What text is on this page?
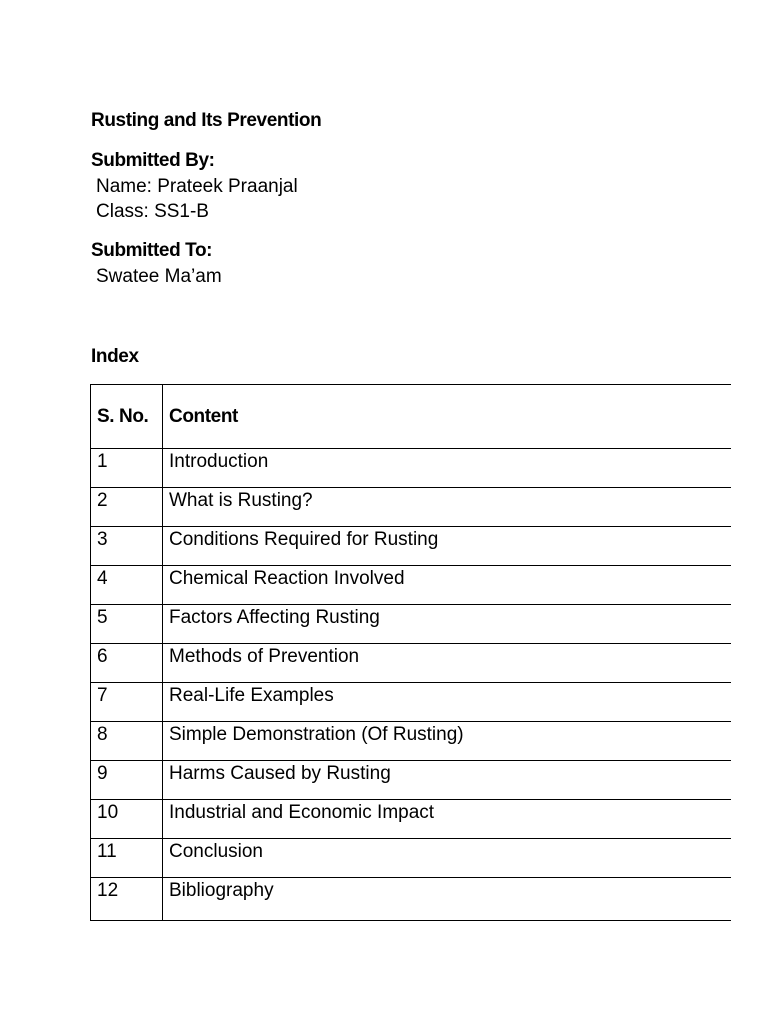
Rusting and Its Prevention
Submitted By:
Name: Prateek Praanjal
Class: SS1-B
Submitted To:
Swatee Ma’am
Index
S. No.	Content
1	Introduction
2	What is Rusting?
3	Conditions Required for Rusting
4	Chemical Reaction Involved
5	Factors Affecting Rusting
6	Methods of Prevention
7	Real-Life Examples
8	Simple Demonstration (Of Rusting)
9	Harms Caused by Rusting
10	Industrial and Economic Impact
11	Conclusion
12	Bibliography
